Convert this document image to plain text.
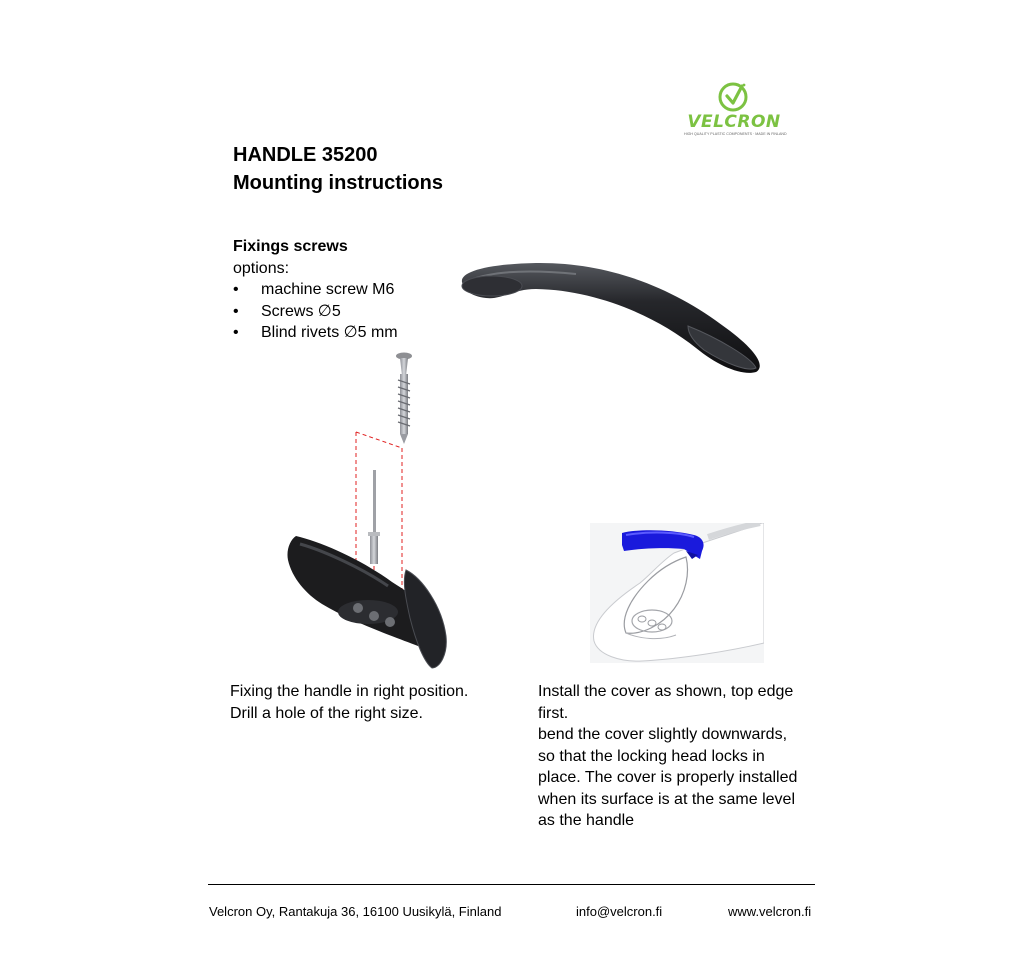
VELCRON
HIGH QUALITY PLASTIC COMPONENTS · MADE IN FINLAND
HANDLE 35200
Mounting instructions
Fixings screws
options:
• machine screw M6
• Screws ∅5
• Blind rivets ∅5 mm
Fixing the handle in right position.
Drill a hole of the right size.
Install the cover as shown, top edge
first.
bend the cover slightly downwards,
so that the locking head locks in
place. The cover is properly installed
when its surface is at the same level
as the handle
Velcron Oy, Rantakuja 36, 16100 Uusikylä, Finland	info@velcron.fi	www.velcron.fi
